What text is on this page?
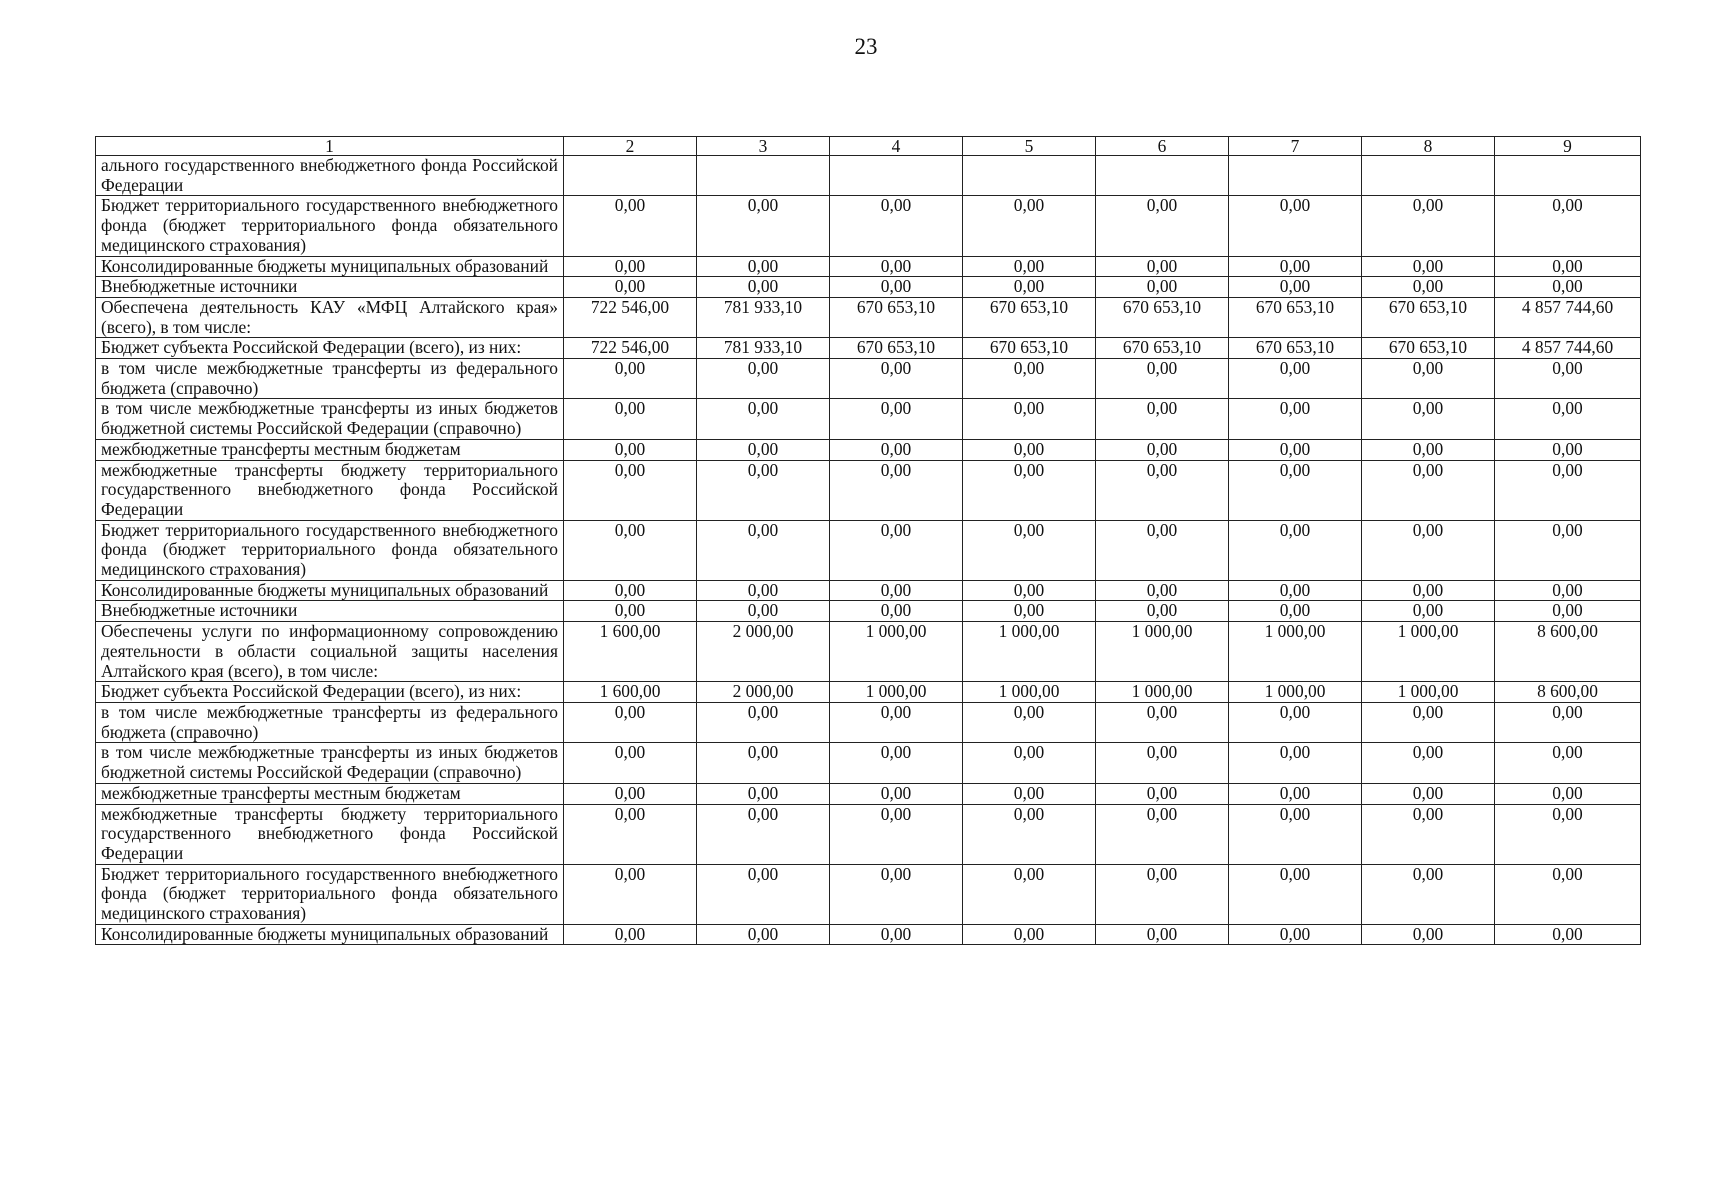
23
1	2	3	4	5	6	7	8	9
ального государственного внебюджетного фонда Российской Федерации								
Бюджет территориального государственного внебюджетного фонда (бюджет территориального фонда обязательного медицинского страхования)	0,00	0,00	0,00	0,00	0,00	0,00	0,00	0,00
Консолидированные бюджеты муниципальных образований	0,00	0,00	0,00	0,00	0,00	0,00	0,00	0,00
Внебюджетные источники	0,00	0,00	0,00	0,00	0,00	0,00	0,00	0,00
Обеспечена деятельность КАУ «МФЦ Алтайского края» (всего), в том числе:	722 546,00	781 933,10	670 653,10	670 653,10	670 653,10	670 653,10	670 653,10	4 857 744,60
Бюджет субъекта Российской Федерации (всего), из них:	722 546,00	781 933,10	670 653,10	670 653,10	670 653,10	670 653,10	670 653,10	4 857 744,60
в том числе межбюджетные трансферты из федерального бюджета (справочно)	0,00	0,00	0,00	0,00	0,00	0,00	0,00	0,00
в том числе межбюджетные трансферты из иных бюджетов бюджетной системы Российской Федерации (справочно)	0,00	0,00	0,00	0,00	0,00	0,00	0,00	0,00
межбюджетные трансферты местным бюджетам	0,00	0,00	0,00	0,00	0,00	0,00	0,00	0,00
межбюджетные трансферты бюджету территориального государственного внебюджетного фонда Российской Федерации	0,00	0,00	0,00	0,00	0,00	0,00	0,00	0,00
Бюджет территориального государственного внебюджетного фонда (бюджет территориального фонда обязательного медицинского страхования)	0,00	0,00	0,00	0,00	0,00	0,00	0,00	0,00
Консолидированные бюджеты муниципальных образований	0,00	0,00	0,00	0,00	0,00	0,00	0,00	0,00
Внебюджетные источники	0,00	0,00	0,00	0,00	0,00	0,00	0,00	0,00
Обеспечены услуги по информационному сопровождению деятельности в области социальной защиты населения Алтайского края (всего), в том числе:	1 600,00	2 000,00	1 000,00	1 000,00	1 000,00	1 000,00	1 000,00	8 600,00
Бюджет субъекта Российской Федерации (всего), из них:	1 600,00	2 000,00	1 000,00	1 000,00	1 000,00	1 000,00	1 000,00	8 600,00
в том числе межбюджетные трансферты из федерального бюджета (справочно)	0,00	0,00	0,00	0,00	0,00	0,00	0,00	0,00
в том числе межбюджетные трансферты из иных бюджетов бюджетной системы Российской Федерации (справочно)	0,00	0,00	0,00	0,00	0,00	0,00	0,00	0,00
межбюджетные трансферты местным бюджетам	0,00	0,00	0,00	0,00	0,00	0,00	0,00	0,00
межбюджетные трансферты бюджету территориального государственного внебюджетного фонда Российской Федерации	0,00	0,00	0,00	0,00	0,00	0,00	0,00	0,00
Бюджет территориального государственного внебюджетного фонда (бюджет территориального фонда обязательного медицинского страхования)	0,00	0,00	0,00	0,00	0,00	0,00	0,00	0,00
Консолидированные бюджеты муниципальных образований	0,00	0,00	0,00	0,00	0,00	0,00	0,00	0,00
